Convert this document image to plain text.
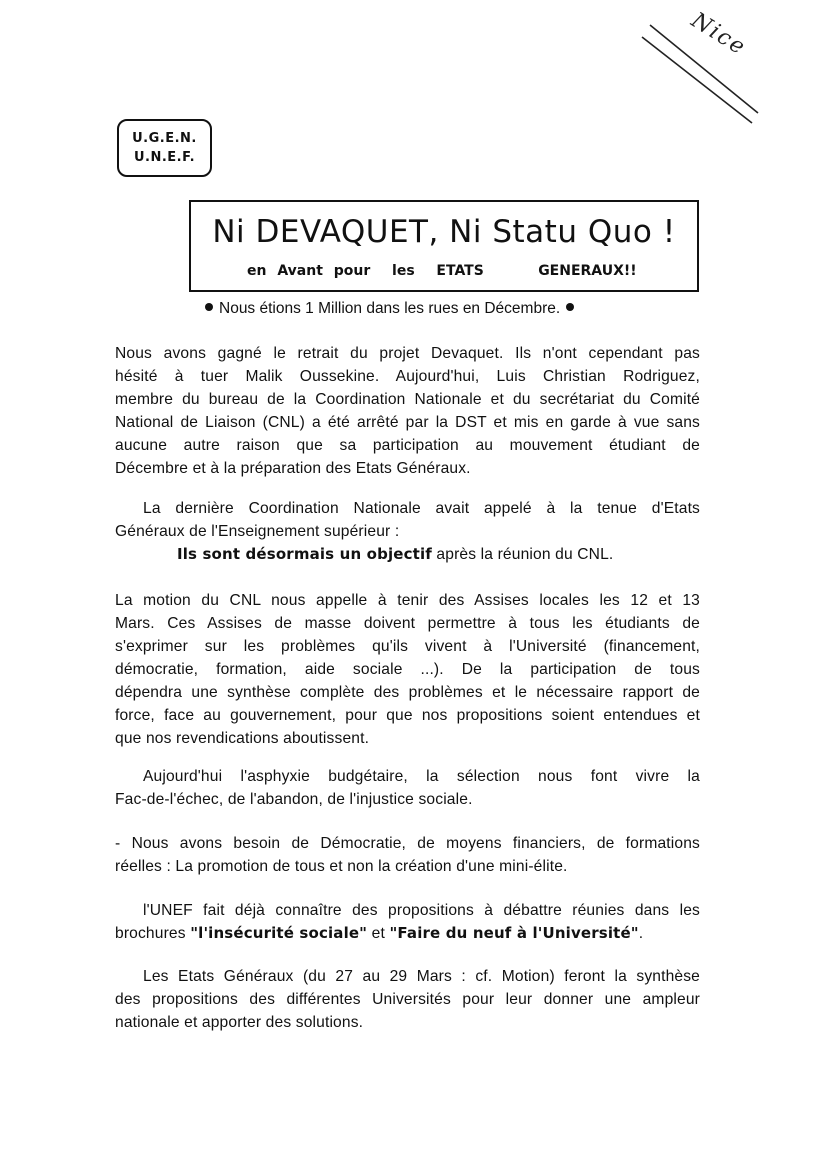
Nice
U.G.E.N.
U.N.E.F.
Ni DEVAQUET, Ni Statu Quo !
en Avant pour  les  ETATS     GENERAUX!!
Nous étions 1 Million dans les rues en Décembre.
Nous avons gagné le retrait du projet Devaquet. Ils n'ont cependant pas
hésité à tuer Malik Oussekine. Aujourd'hui, Luis Christian Rodriguez,
membre du bureau de la Coordination Nationale et du secrétariat du Comité
National de Liaison (CNL) a été arrêté par la DST et mis en garde à vue sans
aucune autre raison que sa participation au mouvement étudiant de
Décembre et à la préparation des Etats Généraux.
La dernière Coordination Nationale avait appelé à la tenue d'Etats
Généraux de l'Enseignement supérieur :
Ils sont désormais un objectif après la réunion du CNL.
La motion du CNL nous appelle à tenir des Assises locales les 12 et 13
Mars. Ces Assises de masse doivent permettre à tous les étudiants de
s'exprimer sur les problèmes qu'ils vivent à l'Université (financement,
démocratie, formation, aide sociale ...). De la participation de tous
dépendra une synthèse complète des problèmes et le nécessaire rapport de
force, face au gouvernement, pour que nos propositions soient entendues et
que nos revendications aboutissent.
Aujourd'hui l'asphyxie budgétaire, la sélection nous font vivre la
Fac-de-l'échec, de l'abandon, de l'injustice sociale.
- Nous avons besoin de Démocratie, de moyens financiers, de formations
réelles : La promotion de tous et non la création d'une mini-élite.
l'UNEF fait déjà connaître des propositions à débattre réunies dans les
brochures "l'insécurité sociale" et "Faire du neuf à l'Université".
Les Etats Généraux (du 27 au 29 Mars : cf. Motion) feront la synthèse
des propositions des différentes Universités pour leur donner une ampleur
nationale et apporter des solutions.
